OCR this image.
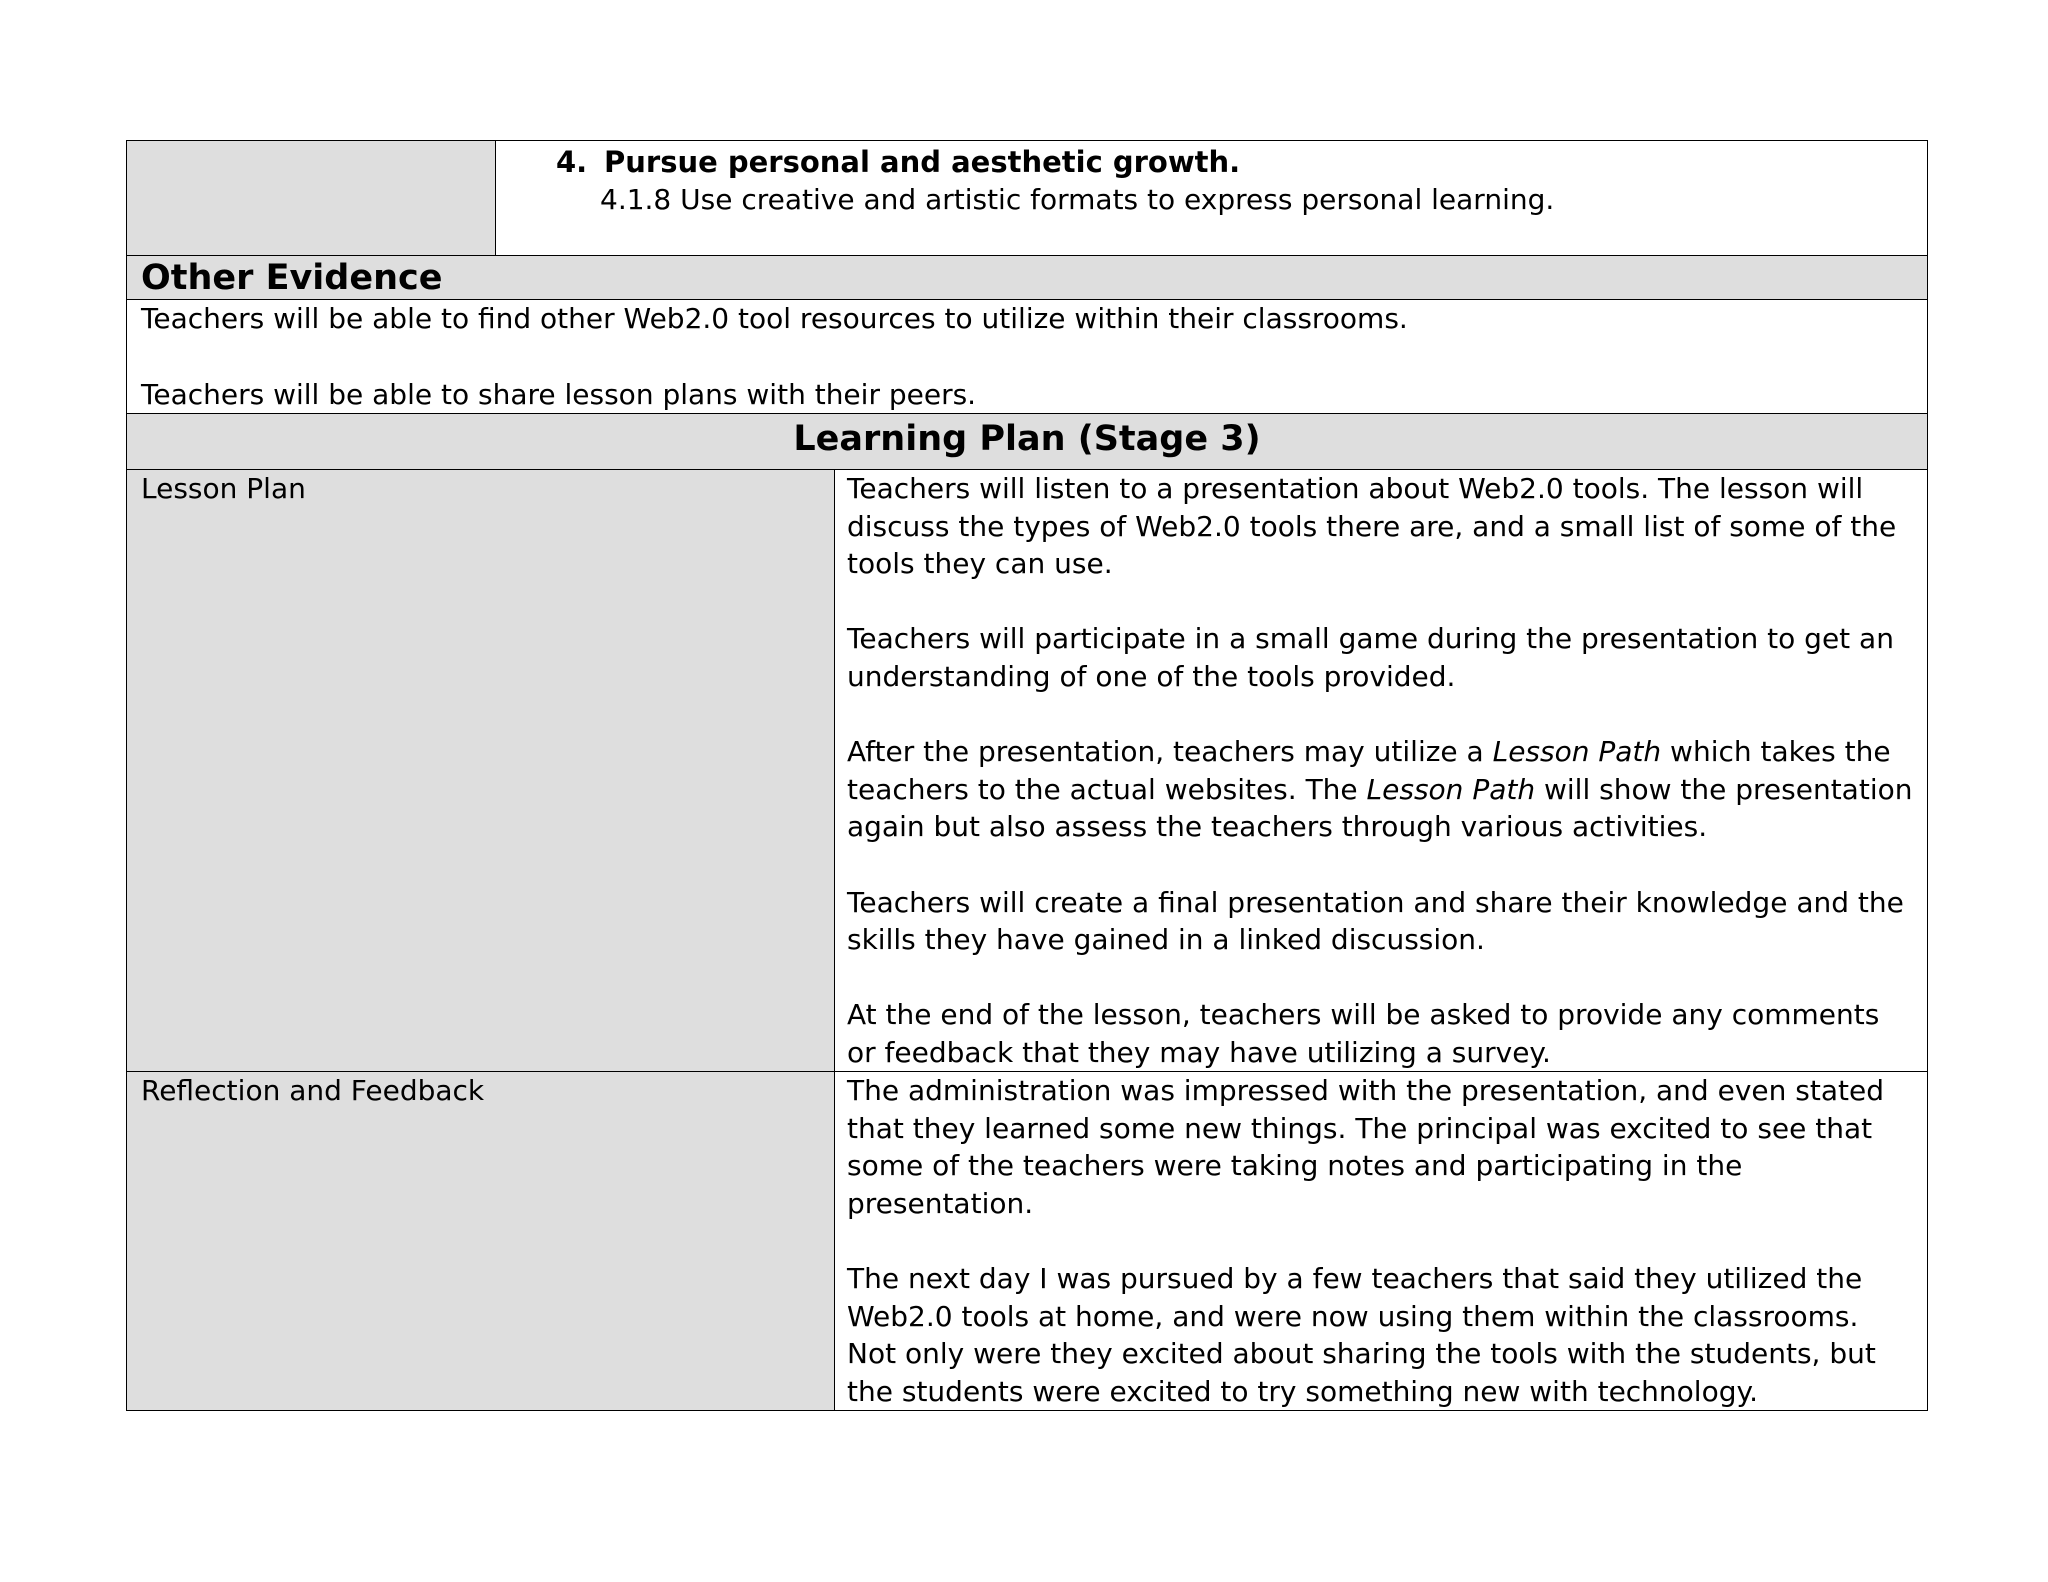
4. Pursue personal and aesthetic growth.

4.1.8 Use creative and artistic formats to express personal learning.

Other Evidence

Teachers will be able to find other Web2.0 tool resources to utilize within their classrooms.

Teachers will be able to share lesson plans with their peers.

Learning Plan (Stage 3)

Lesson Plan	Teachers will listen to a presentation about Web2.0 tools. The lesson will discuss the types of Web2.0 tools there are, and a small list of some of the tools they can use.

Teachers will participate in a small game during the presentation to get an understanding of one of the tools provided.

After the presentation, teachers may utilize a Lesson Path which takes the teachers to the actual websites. The Lesson Path will show the presentation again but also assess the teachers through various activities.

Teachers will create a final presentation and share their knowledge and the skills they have gained in a linked discussion.

At the end of the lesson, teachers will be asked to provide any comments or feedback that they may have utilizing a survey.

Reflection and Feedback	The administration was impressed with the presentation, and even stated that they learned some new things. The principal was excited to see that some of the teachers were taking notes and participating in the presentation.

The next day I was pursued by a few teachers that said they utilized the Web2.0 tools at home, and were now using them within the classrooms. Not only were they excited about sharing the tools with the students, but the students were excited to try something new with technology.
